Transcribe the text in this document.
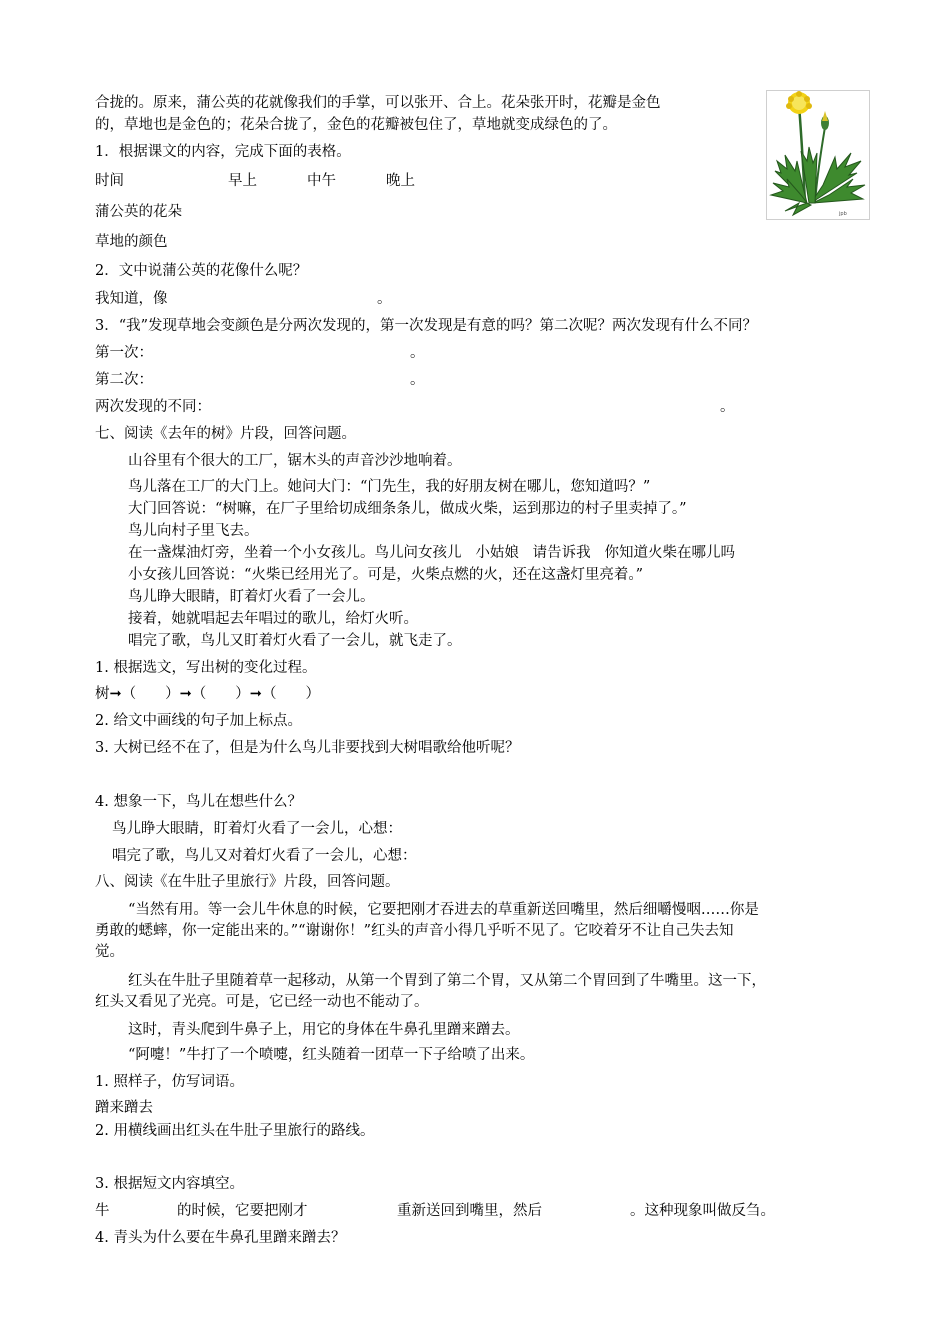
jpb
合拢的。原来，蒲公英的花就像我们的手掌，可以张开、合上。花朵张开时，花瓣是金色
的，草地也是金色的；花朵合拢了，金色的花瓣被包住了，草地就变成绿色的了。
1．根据课文的内容，完成下面的表格。
时间	早上	中午	晚上
蒲公英的花朵
草地的颜色
2．文中说蒲公英的花像什么呢？
我知道，像	。
3．“我”发现草地会变颜色是分两次发现的，第一次发现是有意的吗？第二次呢？两次发现有什么不同？
第一次：	。
第二次：	。
两次发现的不同：	。
七、阅读《去年的树》片段，回答问题。
山谷里有个很大的工厂，锯木头的声音沙沙地响着。
鸟儿落在工厂的大门上。她问大门：“门先生，我的好朋友树在哪儿，您知道吗？”
大门回答说：“树嘛，在厂子里给切成细条条儿，做成火柴，运到那边的村子里卖掉了。”
鸟儿向村子里飞去。
在一盏煤油灯旁，坐着一个小女孩儿。鸟儿问女孩儿   小姑娘   请告诉我   你知道火柴在哪儿吗
小女孩儿回答说：“火柴已经用光了。可是，火柴点燃的火，还在这盏灯里亮着。”
鸟儿睁大眼睛，盯着灯火看了一会儿。
接着，她就唱起去年唱过的歌儿，给灯火听。
唱完了歌，鸟儿又盯着灯火看了一会儿，就飞走了。
1. 根据选文，写出树的变化过程。
树➞（　　）➞（　　）➞（　　）
2. 给文中画线的句子加上标点。
3. 大树已经不在了，但是为什么鸟儿非要找到大树唱歌给他听呢？
4. 想象一下，鸟儿在想些什么？
鸟儿睁大眼睛，盯着灯火看了一会儿，心想：
唱完了歌，鸟儿又对着灯火看了一会儿，心想：
八、阅读《在牛肚子里旅行》片段，回答问题。
“当然有用。等一会儿牛休息的时候，它要把刚才吞进去的草重新送回嘴里，然后细嚼慢咽……你是
勇敢的蟋蟀，你一定能出来的。”“谢谢你！”红头的声音小得几乎听不见了。它咬着牙不让自己失去知
觉。
红头在牛肚子里随着草一起移动，从第一个胃到了第二个胃，又从第二个胃回到了牛嘴里。这一下，
红头又看见了光亮。可是，它已经一动也不能动了。
这时，青头爬到牛鼻子上，用它的身体在牛鼻孔里蹭来蹭去。
“阿嚏！”牛打了一个喷嚏，红头随着一团草一下子给喷了出来。
1. 照样子，仿写词语。
蹭来蹭去
2. 用横线画出红头在牛肚子里旅行的路线。
3. 根据短文内容填空。
牛	的时候，它要把刚才	重新送回到嘴里，然后	。这种现象叫做反刍。
4. 青头为什么要在牛鼻孔里蹭来蹭去？
